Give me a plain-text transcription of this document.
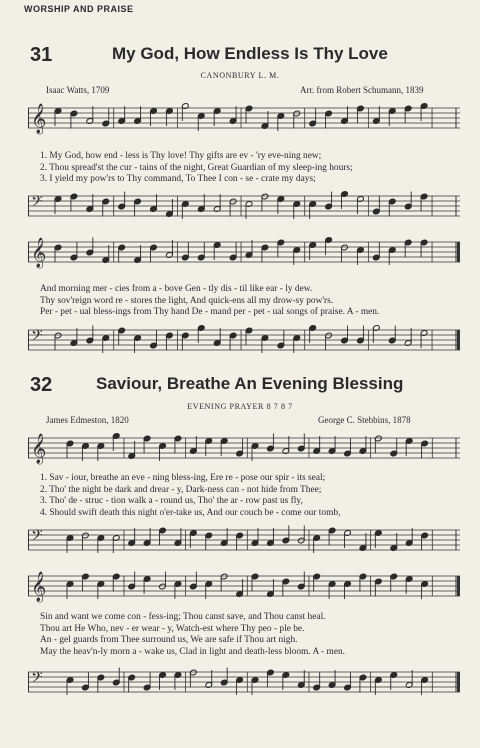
WORSHIP AND PRAISE
31	My God, How Endless Is Thy Love
CANONBURY L. M.
Isaac Watts, 1709	Arr. from Robert Schumann, 1839
𝄞
1. My God, how end - less is Thy love! Thy gifts are ev - 'ry eve-ning new;
2. Thou spread'st the cur - tains of the night, Great Guardian of my sleep-ing hours;
3. I yield my pow'rs to Thy command, To Thee I con - se - crate my days;
𝄢
𝄞
And morning mer - cies from a - bove Gen - tly dis - til like ear - ly dew.
Thy sov'reign word re - stores the light, And quick-ens all my drow-sy pow'rs.
Per - pet - ual bless-ings from Thy hand De - mand per - pet - ual songs of praise. A - men.
𝄢
32	Saviour, Breathe An Evening Blessing
EVENING PRAYER 8 7 8 7
James Edmeston, 1820	George C. Stebbins, 1878
𝄞
1. Sav - iour, breathe an eve - ning bless-ing, Ere re - pose our spir - its seal;
2. Tho' the night be dark and drear - y, Dark-ness can - not hide from Thee;
3. Tho' de - struc - tion walk a - round us, Tho' the ar - row past us fly,
4. Should swift death this night o'er-take us, And our couch be - come our tomb,
𝄢
𝄞
Sin and want we come con - fess-ing; Thou canst save, and Thou canst heal.
Thou art He Who, nev - er wear - y, Watch-est where Thy peo - ple be.
An - gel guards from Thee surround us, We are safe if Thou art nigh.
May the heav'n-ly morn a - wake us, Clad in light and death-less bloom. A - men.
𝄢
